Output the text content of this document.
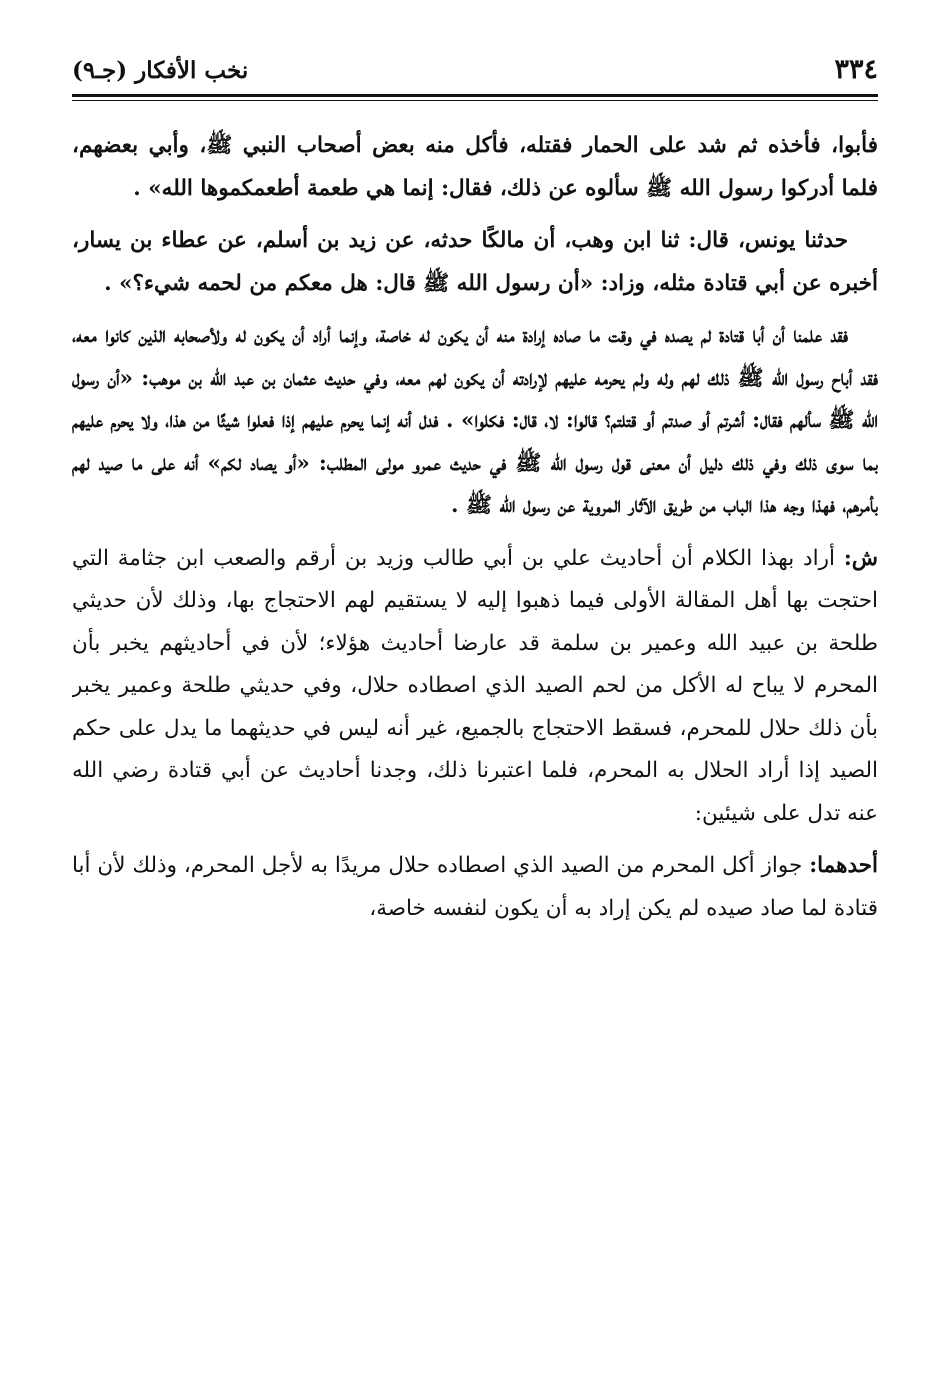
٣٣٤
نخب الأفكار (جـ٩)

فأبوا، فأخذه ثم شد على الحمار فقتله، فأكل منه بعض أصحاب النبي ﷺ، وأبي بعضهم، فلما أدركوا رسول الله ﷺ سألوه عن ذلك، فقال: إنما هي طعمة أطعمكموها الله» .

حدثنا يونس، قال: ثنا ابن وهب، أن مالكًا حدثه، عن زيد بن أسلم، عن عطاء بن يسار، أخبره عن أبي قتادة مثله، وزاد: «أن رسول الله ﷺ قال: هل معكم من لحمه شيء؟» .

فقد علمنا أن أبا قتادة لم يصده في وقت ما صاده إرادة منه أن يكون له خاصة، وإنما أراد أن يكون له ولأصحابه الذين كانوا معه، فقد أباح رسول الله ﷺ ذلك لهم وله ولم يحرمه عليهم لإرادته أن يكون لهم معه، وفي حديث عثمان بن عبد الله بن موهب: «أن رسول الله ﷺ سألهم فقال: أشرتم أو صدتم أو قتلتم؟ قالوا: لا، قال: فكلوا» . فدل أنه إنما يحرم عليهم إذا فعلوا شيئًا من هذا، ولا يحرم عليهم بما سوى ذلك وفي ذلك دليل أن معنى قول رسول الله ﷺ في حديث عمرو مولى المطلب: «أو يصاد لكم» أنه على ما صيد لهم بأمرهم، فهذا وجه هذا الباب من طريق الآثار المروية عن رسول الله ﷺ .

ش: أراد بهذا الكلام أن أحاديث علي بن أبي طالب وزيد بن أرقم والصعب ابن جثامة التي احتجت بها أهل المقالة الأولى فيما ذهبوا إليه لا يستقيم لهم الاحتجاج بها، وذلك لأن حديثي طلحة بن عبيد الله وعمير بن سلمة قد عارضا أحاديث هؤلاء؛ لأن في أحاديثهم يخبر بأن المحرم لا يباح له الأكل من لحم الصيد الذي اصطاده حلال، وفي حديثي طلحة وعمير يخبر بأن ذلك حلال للمحرم، فسقط الاحتجاج بالجميع، غير أنه ليس في حديثهما ما يدل على حكم الصيد إذا أراد الحلال به المحرم، فلما اعتبرنا ذلك، وجدنا أحاديث عن أبي قتادة رضي الله عنه تدل على شيئين:

أحدهما: جواز أكل المحرم من الصيد الذي اصطاده حلال مريدًا به لأجل المحرم، وذلك لأن أبا قتادة لما صاد صيده لم يكن إراد به أن يكون لنفسه خاصة،
